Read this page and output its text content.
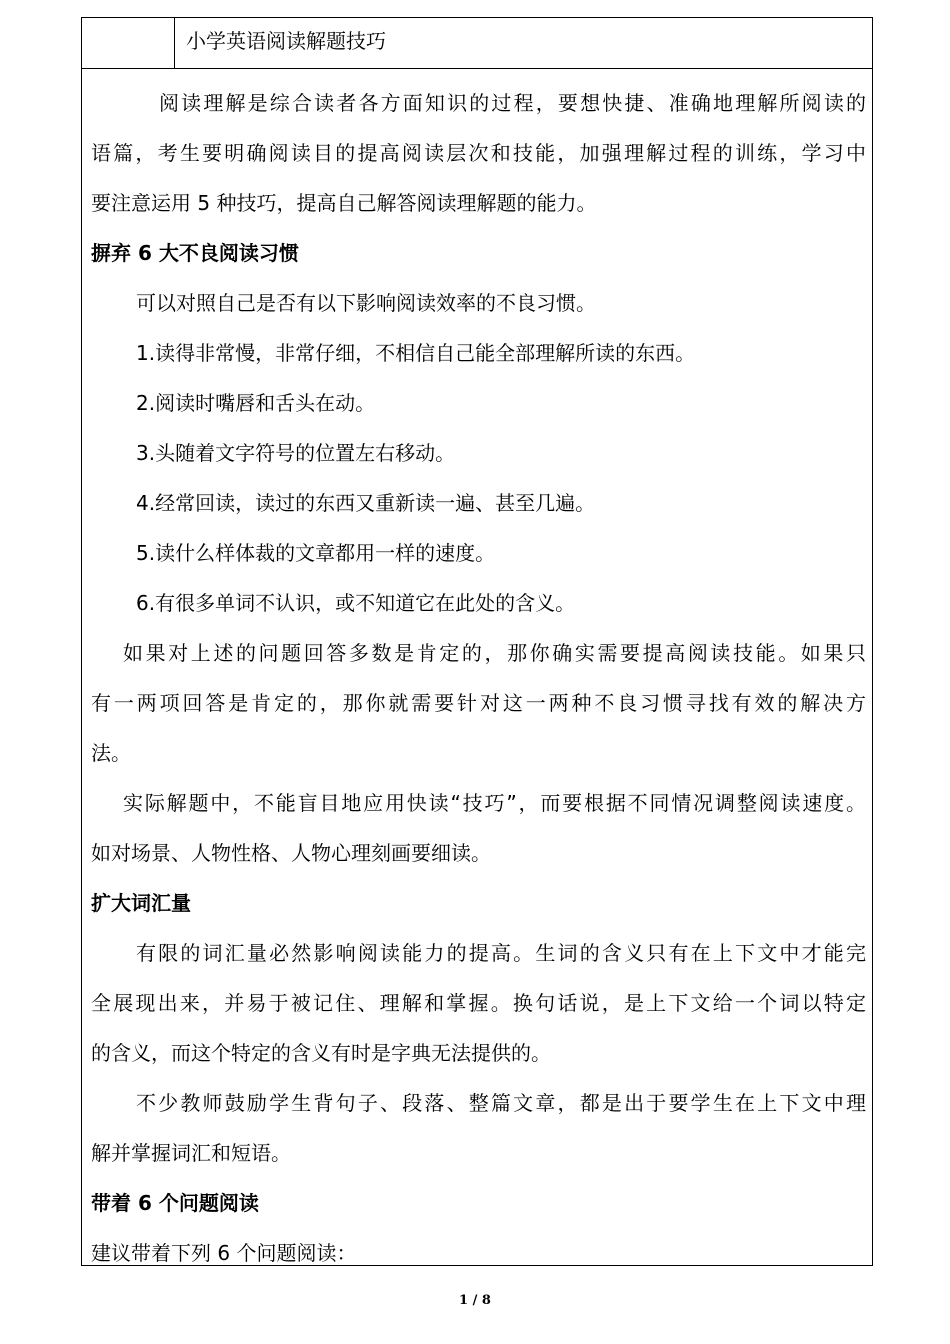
小学英语阅读解题技巧
阅读理解是综合读者各方面知识的过程，要想快捷、准确地理解所阅读的
语篇，考生要明确阅读目的提高阅读层次和技能，加强理解过程的训练，学习中
要注意运用 5 种技巧，提高自己解答阅读理解题的能力。
摒弃 6 大不良阅读习惯
可以对照自己是否有以下影响阅读效率的不良习惯。
1.读得非常慢，非常仔细，不相信自己能全部理解所读的东西。
2.阅读时嘴唇和舌头在动。
3.头随着文字符号的位置左右移动。
4.经常回读，读过的东西又重新读一遍、甚至几遍。
5.读什么样体裁的文章都用一样的速度。
6.有很多单词不认识，或不知道它在此处的含义。
如果对上述的问题回答多数是肯定的，那你确实需要提高阅读技能。如果只
有一两项回答是肯定的，那你就需要针对这一两种不良习惯寻找有效的解决方
法。
实际解题中，不能盲目地应用快读“技巧”，而要根据不同情况调整阅读速度。
如对场景、人物性格、人物心理刻画要细读。
扩大词汇量
有限的词汇量必然影响阅读能力的提高。生词的含义只有在上下文中才能完
全展现出来，并易于被记住、理解和掌握。换句话说，是上下文给一个词以特定
的含义，而这个特定的含义有时是字典无法提供的。
不少教师鼓励学生背句子、段落、整篇文章，都是出于要学生在上下文中理
解并掌握词汇和短语。
带着 6 个问题阅读
建议带着下列 6 个问题阅读：
1 / 8
